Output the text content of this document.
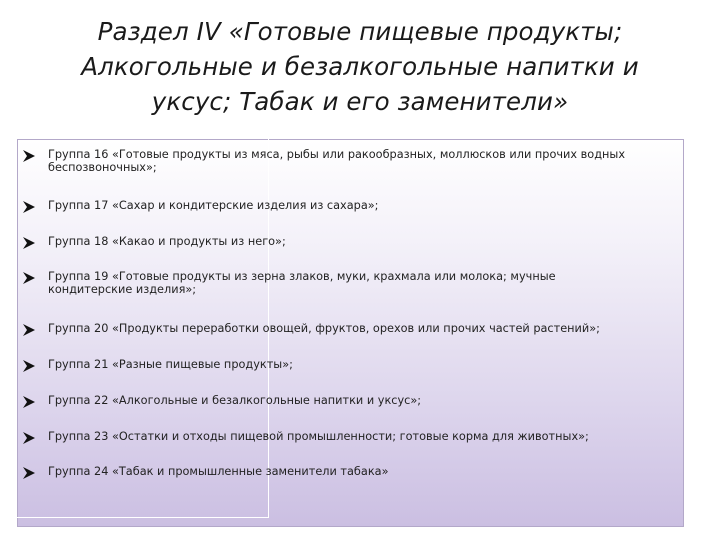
Раздел IV «Готовые пищевые продукты;
Алкогольные и безалкогольные напитки и
уксус; Табак и его заменители»
Группа 16 «Готовые продукты из мяса, рыбы или ракообразных, моллюсков или прочих водных
беспозвоночных»;
Группа 17 «Сахар и кондитерские изделия из сахара»;
Группа 18 «Какао и продукты из него»;
Группа 19 «Готовые продукты из зерна злаков, муки, крахмала или молока; мучные
кондитерские изделия»;
Группа 20 «Продукты переработки овощей, фруктов, орехов или прочих частей растений»;
Группа 21 «Разные пищевые продукты»;
Группа 22 «Алкогольные и безалкогольные напитки и уксус»;
Группа 23 «Остатки и отходы пищевой промышленности; готовые корма для животных»;
Группа 24 «Табак и промышленные заменители табака»
